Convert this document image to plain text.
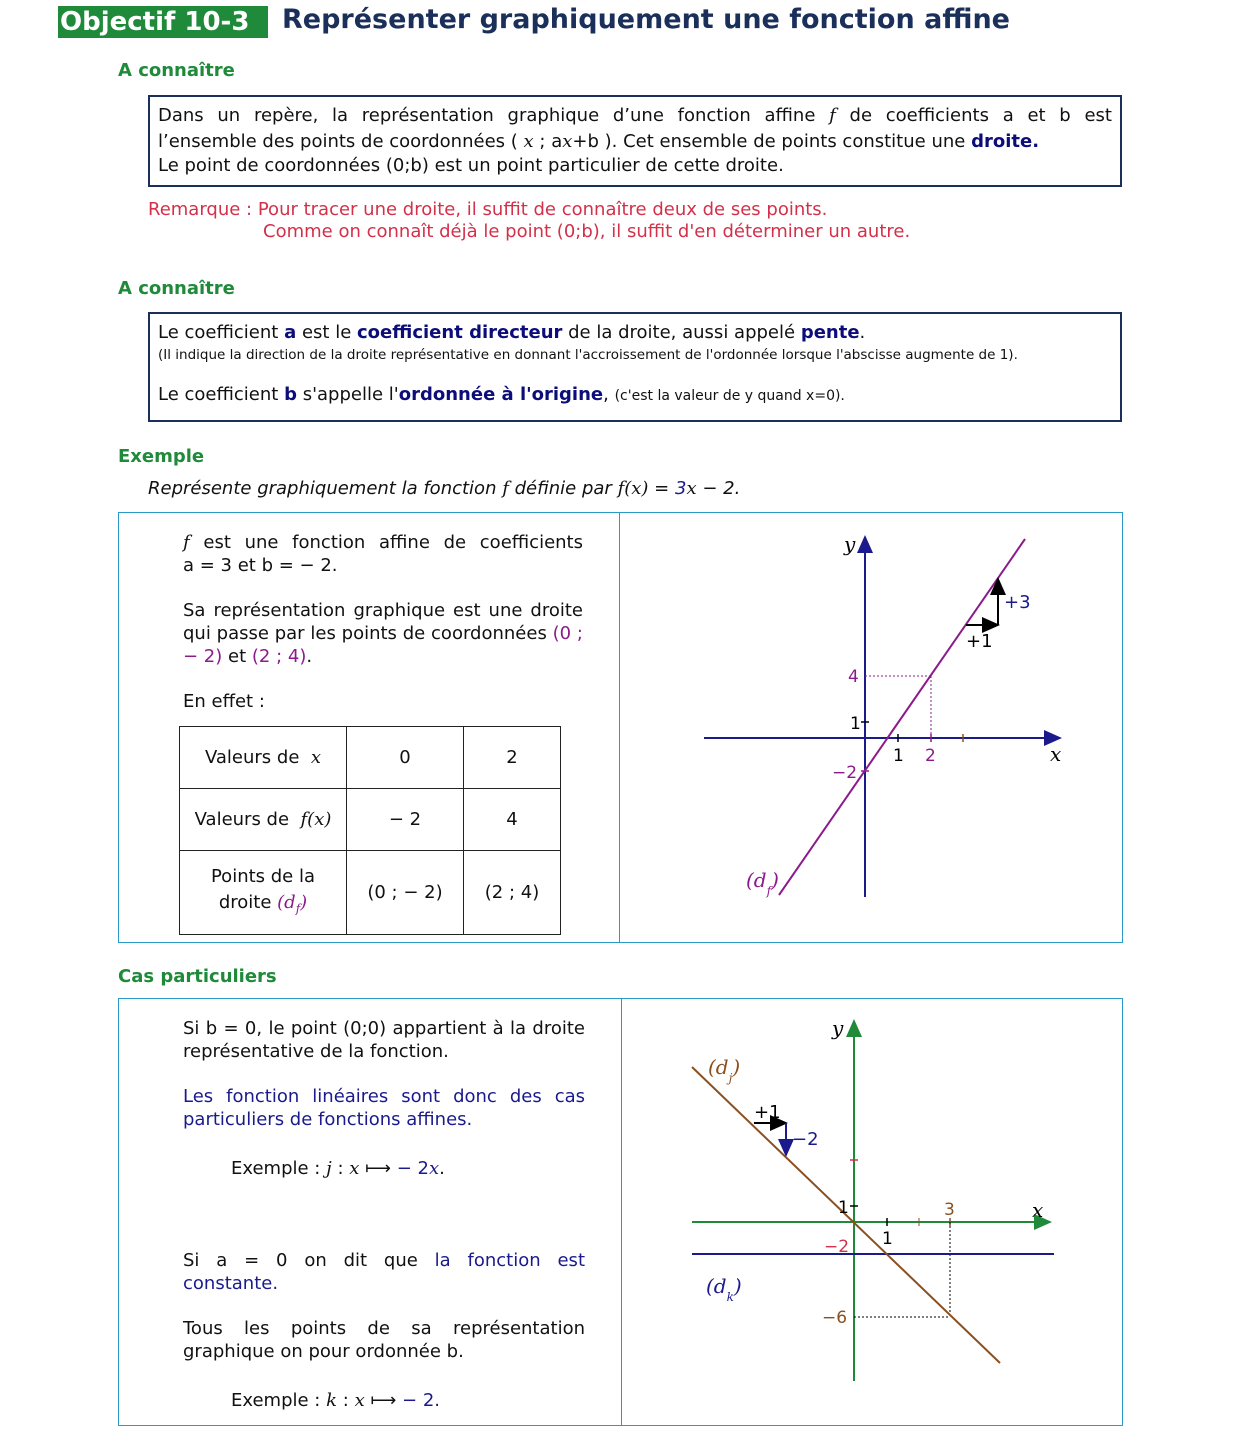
Objectif 10-3	Représenter graphiquement une fonction affine
A connaître

Dans un repère, la représentation graphique d’une fonction affine f de coefficients a et b est

l’ensemble des points de coordonnées ( x ; ax+b ). Cet ensemble de points constitue une droite.

Le point de coordonnées (0;b) est un point particulier de cette droite.

Remarque : Pour tracer une droite, il suffit de connaître deux de ses points.
Comme on connaît déjà le point (0;b), il suffit d'en déterminer un autre.
A connaître

Le coefficient a est le coefficient directeur de la droite, aussi appelé pente.

(Il indique la direction de la droite représentative en donnant l'accroissement de l'ordonnée lorsque l'abscisse augmente de 1).

Le coefficient b s'appelle l'ordonnée à l'origine, (c'est la valeur de y quand x=0).

Exemple
Représente graphiquement la fonction f définie par f(x) = 3x − 2.
f est une fonction affine de coefficients
a = 3 et b = − 2.
Sa représentation graphique est une droite qui passe par les points de coordonnées (0 ; − 2) et (2 ; 4).
En effet :
Valeurs de x	0	2
Valeurs de f(x)	− 2	4

Points de la
droite $(d_f)$	(0 ; − 2)	(2 ; 4)
y
x
+3
+1
4
1
1 2
−2
$(d_f)$
Cas particuliers
Si b = 0, le point (0;0) appartient à la droite représentative de la fonction.
Les fonction linéaires sont donc des cas particuliers de fonctions affines.
Exemple : j : x ⟼ − 2x.
Si a = 0 on dit que la fonction est constante.
Tous les points de sa représentation graphique on pour ordonnée b.
Exemple : k : x ⟼ − 2.
y
x
$(d_j)$
+1
−2
1	3
1
−2
−6
$(d_k)$
